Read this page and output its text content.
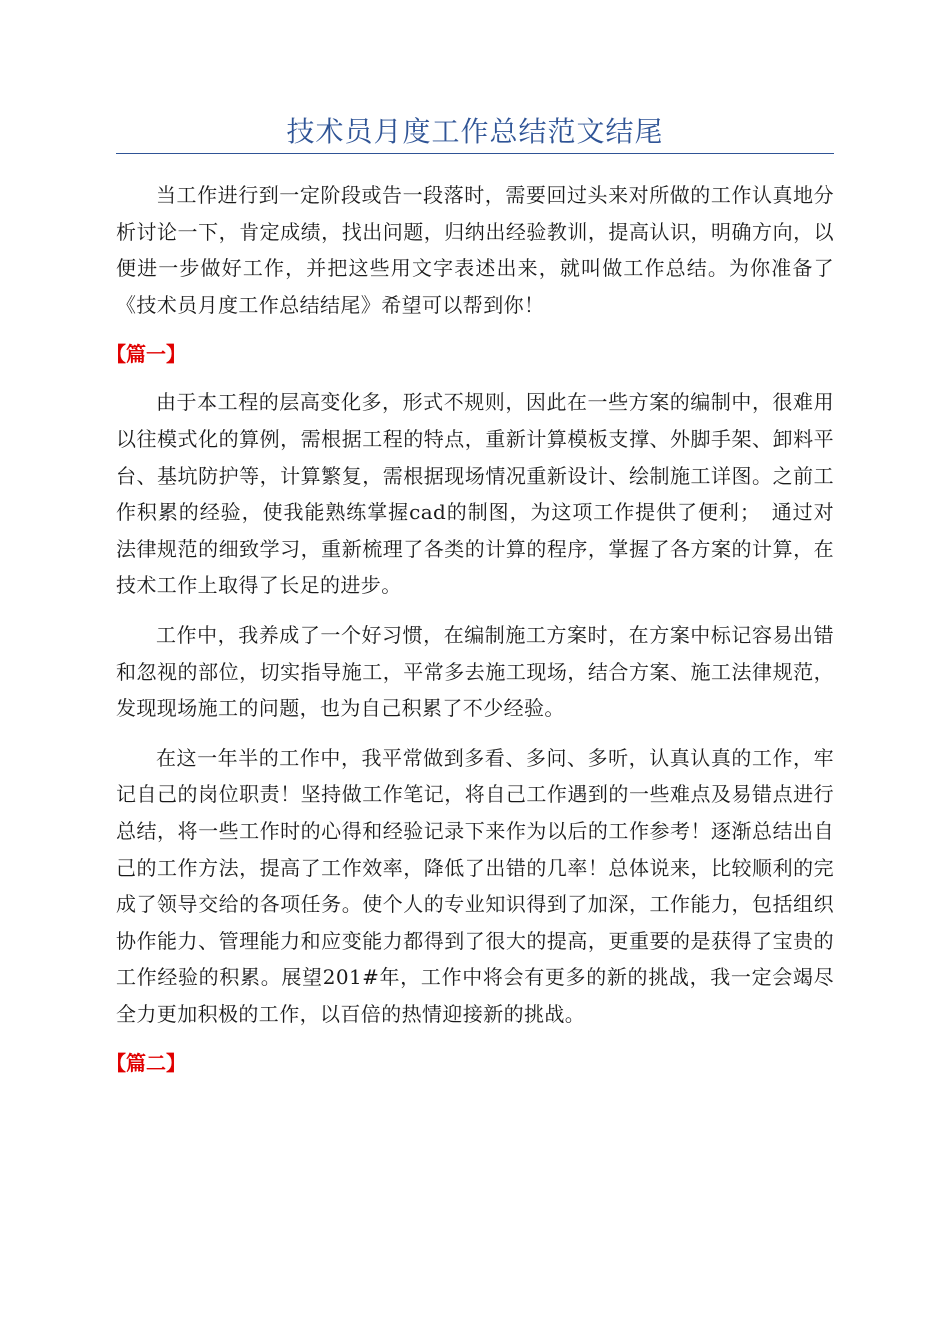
技术员月度工作总结范文结尾

当工作进行到一定阶段或告一段落时，需要回过头来对所做的工作认真地分析讨论一下，肯定成绩，找出问题，归纳出经验教训，提高认识，明确方向，以便进一步做好工作，并把这些用文字表述出来，就叫做工作总结。为你准备了《技术员月度工作总结结尾》希望可以帮到你！

【篇一】

由于本工程的层高变化多，形式不规则，因此在一些方案的编制中，很难用以往模式化的算例，需根据工程的特点，重新计算模板支撑、外脚手架、卸料平台、基坑防护等，计算繁复，需根据现场情况重新设计、绘制施工详图。之前工作积累的经验，使我能熟练掌握cad的制图，为这项工作提供了便利；　通过对法律规范的细致学习，重新梳理了各类的计算的程序，掌握了各方案的计算，在技术工作上取得了长足的进步。

工作中，我养成了一个好习惯，在编制施工方案时，在方案中标记容易出错和忽视的部位，切实指导施工，平常多去施工现场，结合方案、施工法律规范，发现现场施工的问题，也为自己积累了不少经验。

在这一年半的工作中，我平常做到多看、多问、多听，认真认真的工作，牢记自己的岗位职责！坚持做工作笔记，将自己工作遇到的一些难点及易错点进行总结，将一些工作时的心得和经验记录下来作为以后的工作参考！逐渐总结出自己的工作方法，提高了工作效率，降低了出错的几率！总体说来，比较顺利的完成了领导交给的各项任务。使个人的专业知识得到了加深，工作能力，包括组织协作能力、管理能力和应变能力都得到了很大的提高，更重要的是获得了宝贵的工作经验的积累。展望201#年，工作中将会有更多的新的挑战，我一定会竭尽全力更加积极的工作，以百倍的热情迎接新的挑战。

【篇二】
